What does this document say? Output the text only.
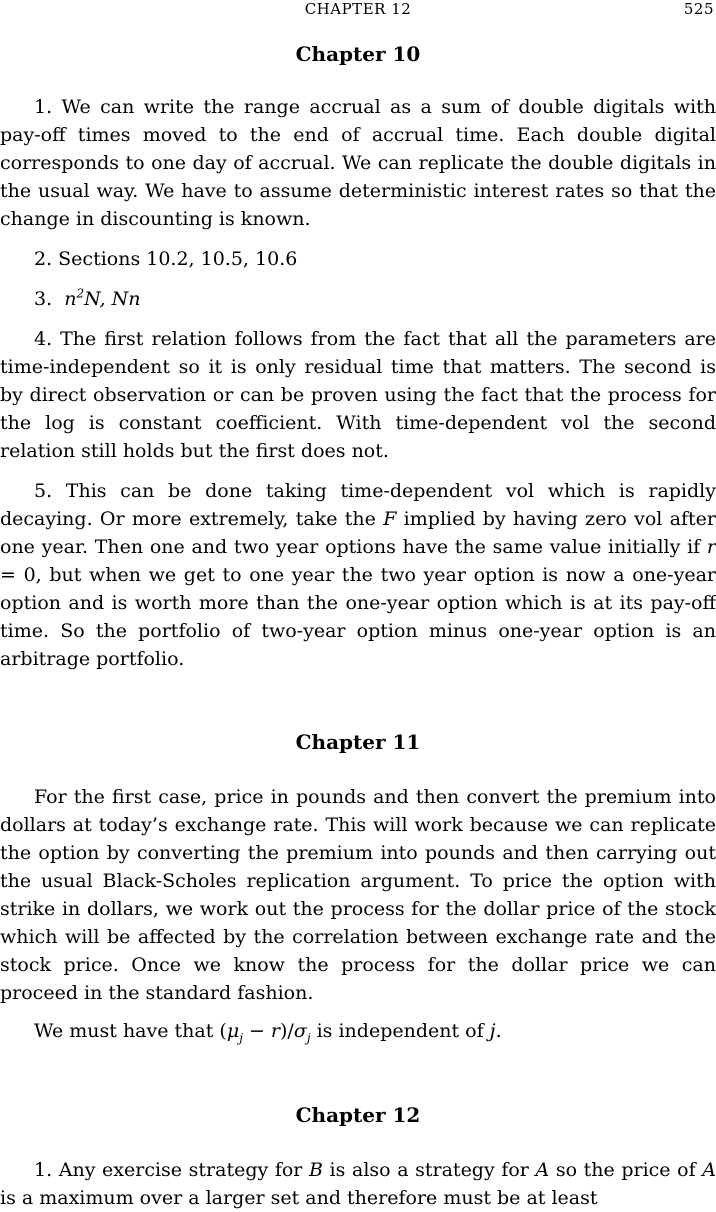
CHAPTER 12	525
Chapter 10

1. We can write the range accrual as a sum of double digitals with pay-off times moved to the end of accrual time. Each double digital corresponds to one day of accrual. We can replicate the double digitals in the usual way. We have to assume deterministic interest rates so that the change in discounting is known.

2. Sections 10.2, 10.5, 10.6
3.  $n^2N$, Nn

4. The first relation follows from the fact that all the parameters are time-independent so it is only residual time that matters. The second is by direct observation or can be proven using the fact that the process for the log is constant coefficient. With time-dependent vol the second relation still holds but the first does not.

5. This can be done taking time-dependent vol which is rapidly decaying. Or more extremely, take the F implied by having zero vol after one year. Then one and two year options have the same value initially if r = 0, but when we get to one year the two year option is now a one-year option and is worth more than the one-year option which is at its pay-off time. So the portfolio of two-year option minus one-year option is an arbitrage portfolio.

Chapter 11

For the first case, price in pounds and then convert the premium into dollars at today’s exchange rate. This will work because we can replicate the option by converting the premium into pounds and then carrying out the usual Black-Scholes replication argument. To price the option with strike in dollars, we work out the process for the dollar price of the stock which will be affected by the correlation between exchange rate and the stock price. Once we know the process for the dollar price we can proceed in the standard fashion.

We must have that $(\mu_j - r)/\sigma_j$ is independent of j.
Chapter 12

1. Any exercise strategy for B is also a strategy for A so the price of A is a maximum over a larger set and therefore must be at least
